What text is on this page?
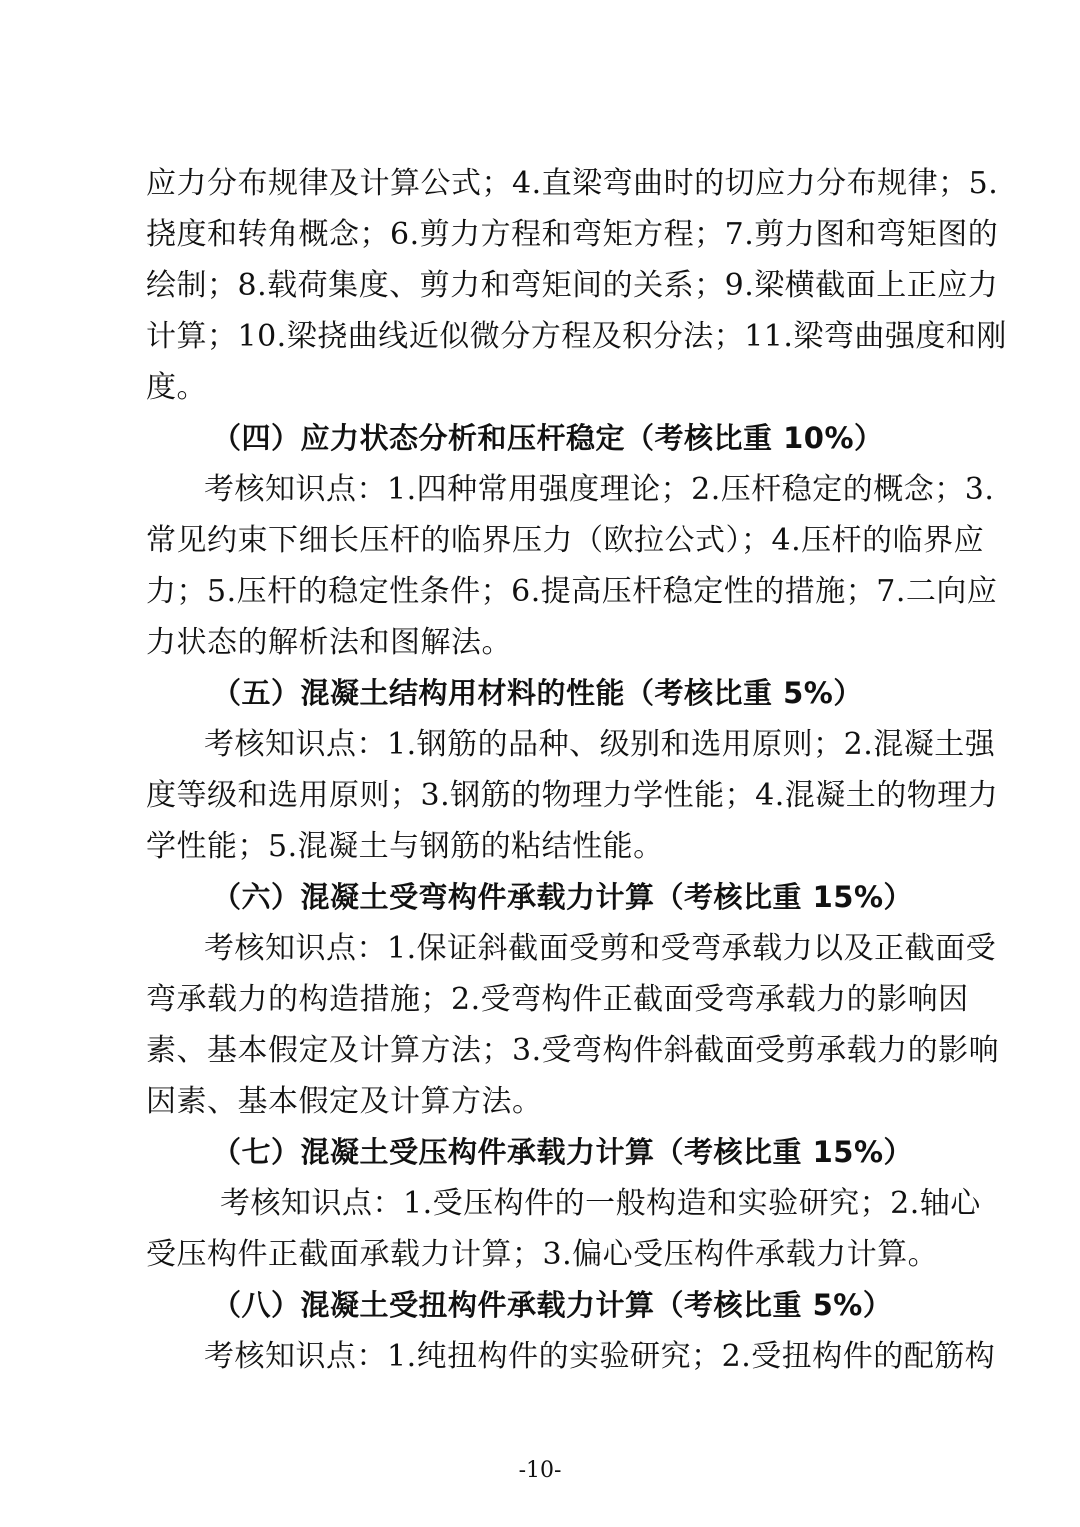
应力分布规律及计算公式；4.直梁弯曲时的切应力分布规律；5.
挠度和转角概念；6.剪力方程和弯矩方程；7.剪力图和弯矩图的
绘制；8.载荷集度、剪力和弯矩间的关系；9.梁横截面上正应力
计算；10.梁挠曲线近似微分方程及积分法；11.梁弯曲强度和刚
度。
（四）应力状态分析和压杆稳定（考核比重 10%）
考核知识点：1.四种常用强度理论；2.压杆稳定的概念；3.
常见约束下细长压杆的临界压力（欧拉公式）；4.压杆的临界应
力；5.压杆的稳定性条件；6.提高压杆稳定性的措施；7.二向应
力状态的解析法和图解法。
（五）混凝土结构用材料的性能（考核比重 5%）
考核知识点：1.钢筋的品种、级别和选用原则；2.混凝土强
度等级和选用原则；3.钢筋的物理力学性能；4.混凝土的物理力
学性能；5.混凝土与钢筋的粘结性能。
（六）混凝土受弯构件承载力计算（考核比重 15%）
考核知识点：1.保证斜截面受剪和受弯承载力以及正截面受
弯承载力的构造措施；2.受弯构件正截面受弯承载力的影响因
素、基本假定及计算方法；3.受弯构件斜截面受剪承载力的影响
因素、基本假定及计算方法。
（七）混凝土受压构件承载力计算（考核比重 15%）
考核知识点：1.受压构件的一般构造和实验研究；2.轴心
受压构件正截面承载力计算；3.偏心受压构件承载力计算。
（八）混凝土受扭构件承载力计算（考核比重 5%）
考核知识点：1.纯扭构件的实验研究；2.受扭构件的配筋构
-10-
